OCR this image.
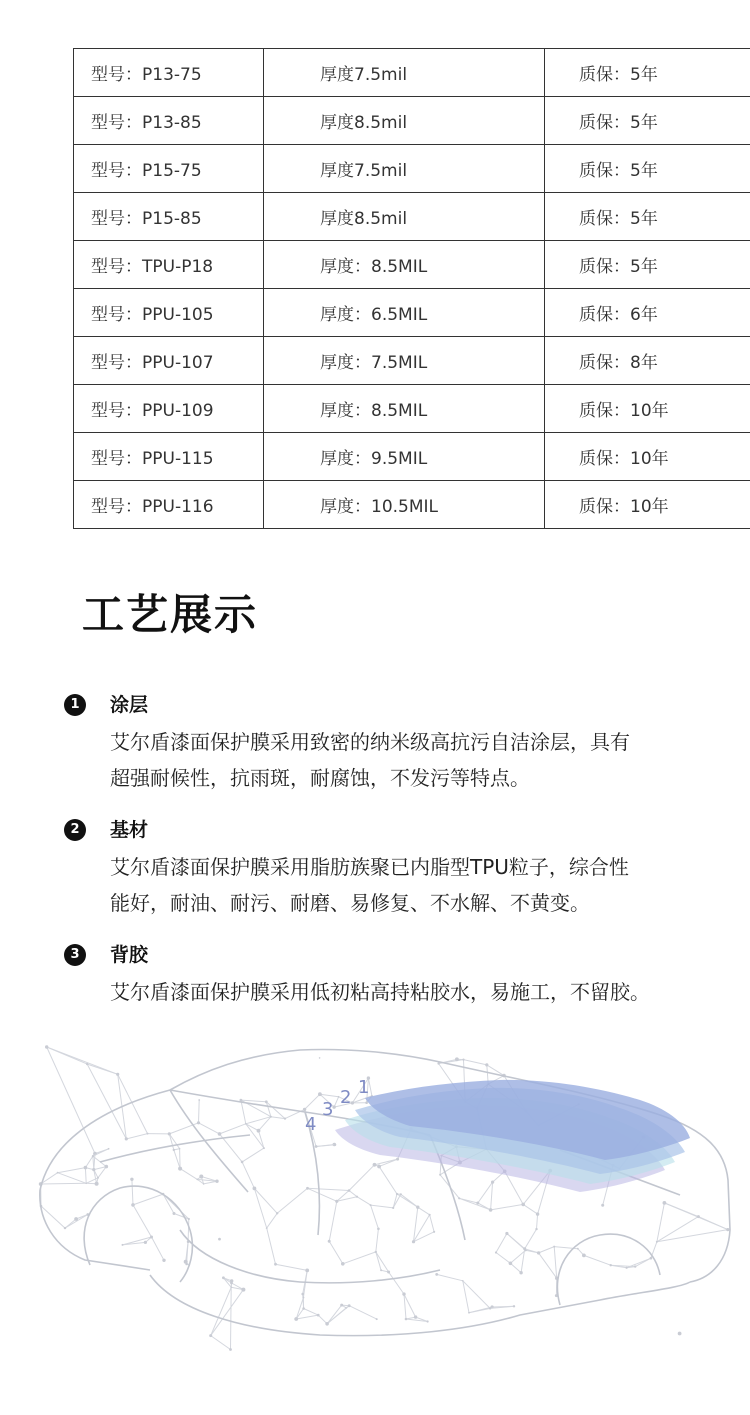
型号：P13-75	厚度7.5mil	质保：5年
型号：P13-85	厚度8.5mil	质保：5年
型号：P15-75	厚度7.5mil	质保：5年
型号：P15-85	厚度8.5mil	质保：5年
型号：TPU-P18	厚度：8.5MIL	质保：5年
型号：PPU-105	厚度：6.5MIL	质保：6年
型号：PPU-107	厚度：7.5MIL	质保：8年
型号：PPU-109	厚度：8.5MIL	质保：10年
型号：PPU-115	厚度：9.5MIL	质保：10年
型号：PPU-116	厚度：10.5MIL	质保：10年
工艺展示
1
2
3
4
1	涂层
艾尔盾漆面保护膜采用致密的纳米级高抗污自洁涂层，具有
超强耐候性，抗雨斑，耐腐蚀，不发污等特点。
2	基材
艾尔盾漆面保护膜采用脂肪族聚已内脂型TPU粒子，综合性
能好，耐油、耐污、耐磨、易修复、不水解、不黄变。
3	背胶
艾尔盾漆面保护膜采用低初粘高持粘胶水，易施工，不留胶。
